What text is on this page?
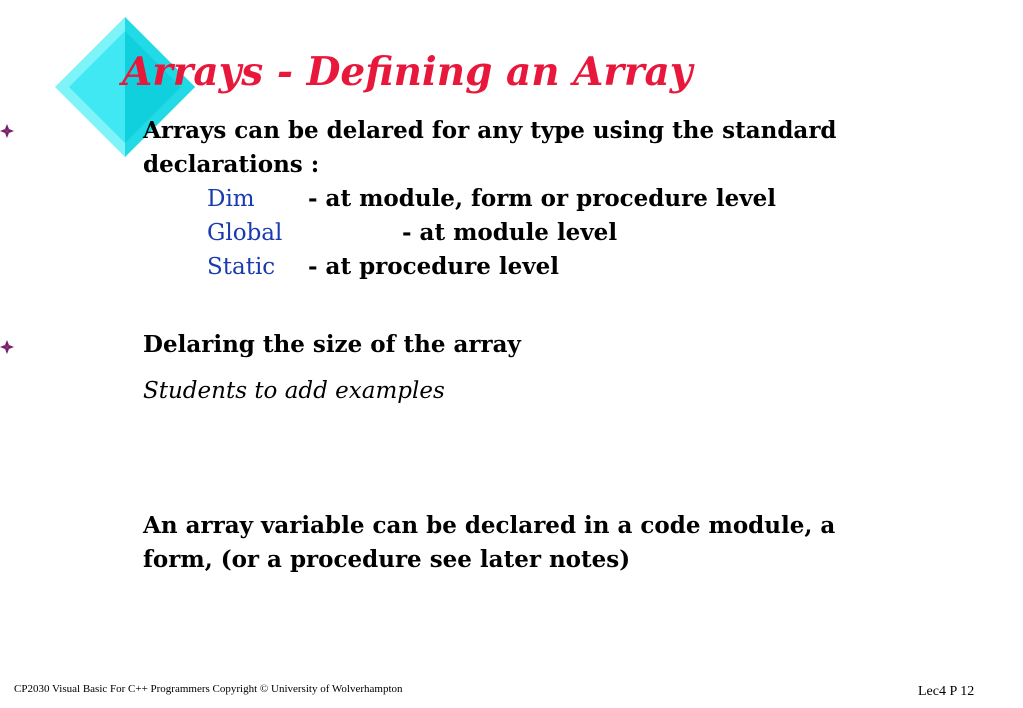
Arrays - Defining an Array
Arrays can be delared for any type using the standard
declarations :
Dim - at module, form or procedure level
Global	- at module level
Static - at procedure level
Delaring the size of the array
Students to add examples
An array variable can be declared in a code module, a
form, (or a procedure see later notes)
CP2030 Visual Basic For C++ Programmers Copyright © University of Wolverhampton	Lec4 P 12
